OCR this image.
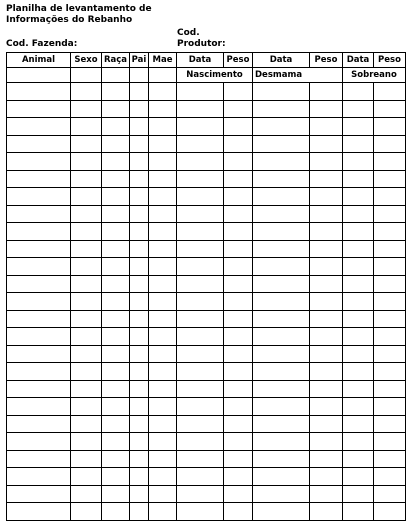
Planilha de levantamento de
Informações do Rebanho
Cod.
Produtor:
Cod. Fazenda:
Animal	Sexo	Raça	Pai	Mae	Data	Peso	Data	Peso	Data	Peso
					Nascimento		Desmama		Sobreano	
